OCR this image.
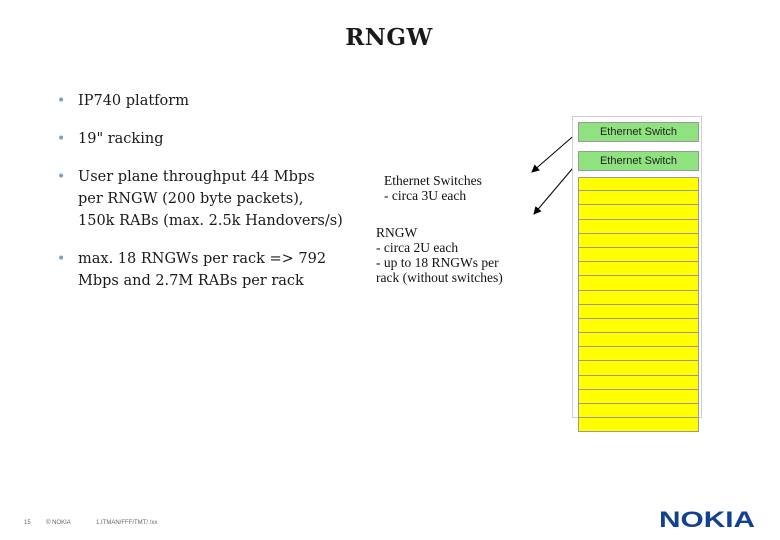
RNGW
• IP740 platform
• 19" racking
• User plane throughput 44 Mbps per RNGW (200 byte packets), 150k RABs (max. 2.5k Handovers/s)
• max. 18 RNGWs per rack => 792 Mbps and 2.7M RABs per rack
Ethernet Switches
- circa 3U each
RNGW
- circa 2U each
- up to 18 RNGWs per
rack (without switches)
Ethernet Switch
Ethernet Switch
15	© NOKIA	1.ITMAN/FFF/TMT/ /xx	NOKIA
